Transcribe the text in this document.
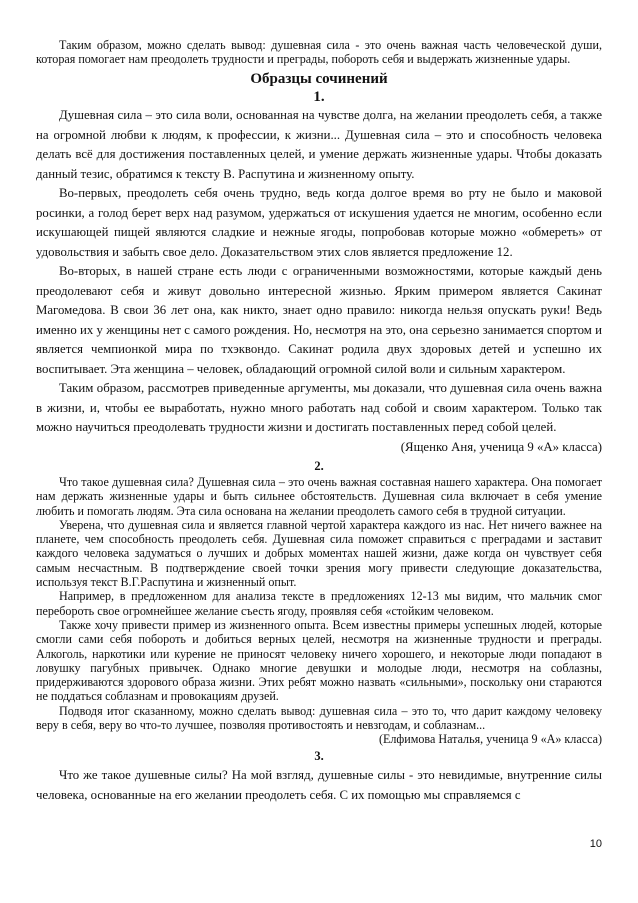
Таким образом, можно сделать вывод: душевная сила - это очень важная часть человеческой души, которая помогает нам преодолеть трудности и преграды, побороть себя и выдержать жизненные удары.

Образцы сочинений
1.

Душевная сила – это сила воли, основанная на чувстве долга, на желании преодолеть себя, а также на огромной любви к людям, к профессии, к жизни... Душевная сила – это и способность человека делать всё для достижения поставленных целей, и умение держать жизненные удары. Чтобы доказать данный тезис, обратимся к тексту В. Распутина и жизненному опыту.

Во-первых, преодолеть себя очень трудно, ведь когда долгое время во рту не было и маковой росинки, а голод берет верх над разумом, удержаться от искушения удается не многим, особенно если искушающей пищей являются сладкие и нежные ягоды, попробовав которые можно «обмереть» от удовольствия и забыть свое дело. Доказательством этих слов является предложение 12.

Во-вторых, в нашей стране есть люди с ограниченными возможностями, которые каждый день преодолевают себя и живут довольно интересной жизнью. Ярким примером является Сакинат Магомедова. В свои 36 лет она, как никто, знает одно правило: никогда нельзя опускать руки! Ведь именно их у женщины нет с самого рождения. Но, несмотря на это, она серьезно занимается спортом и является чемпионкой мира по тхэквондо. Сакинат родила двух здоровых детей и успешно их воспитывает. Эта женщина – человек, обладающий огромной силой воли и сильным характером.

Таким образом, рассмотрев приведенные аргументы, мы доказали, что душевная сила очень важна в жизни, и, чтобы ее выработать, нужно много работать над собой и своим характером. Только так можно научиться преодолевать трудности жизни и достигать поставленных перед собой целей.

(Ященко Аня, ученица 9 «А» класса)

2.

Что такое душевная сила? Душевная сила – это очень важная составная нашего характера. Она помогает нам держать жизненные удары и быть сильнее обстоятельств. Душевная сила включает в себя умение любить и помогать людям. Эта сила основана на желании преодолеть самого себя в трудной ситуации.

Уверена, что душевная сила и является главной чертой характера каждого из нас. Нет ничего важнее на планете, чем способность преодолеть себя. Душевная сила поможет справиться с преградами и заставит каждого человека задуматься о лучших и добрых моментах нашей жизни, даже когда он чувствует себя самым несчастным. В подтверждение своей точки зрения могу привести следующие доказательства, используя текст В.Г.Распутина и жизненный опыт.

Например, в предложенном для анализа тексте в предложениях 12-13 мы видим, что мальчик смог перебороть свое огромнейшее желание съесть ягоду, проявляя себя «стойким человеком.

Также хочу привести пример из жизненного опыта. Всем известны примеры успешных людей, которые смогли сами себя побороть и добиться верных целей, несмотря на жизненные трудности и преграды. Алкоголь, наркотики или курение не приносят человеку ничего хорошего, и некоторые люди попадают в ловушку пагубных привычек. Однако многие девушки и молодые люди, несмотря на соблазны, придерживаются здорового образа жизни. Этих ребят можно назвать «сильными», поскольку они стараются не поддаться соблазнам и провокациям друзей.

Подводя итог сказанному, можно сделать вывод: душевная сила – это то, что дарит каждому человеку веру в себя, веру во что-то лучшее, позволяя противостоять и невзгодам, и соблазнам...

(Елфимова Наталья, ученица 9 «А» класса)

3.

Что же такое душевные силы? На мой взгляд, душевные силы - это невидимые, внутренние силы человека, основанные на его желании преодолеть себя. С их помощью мы справляемся с

10
